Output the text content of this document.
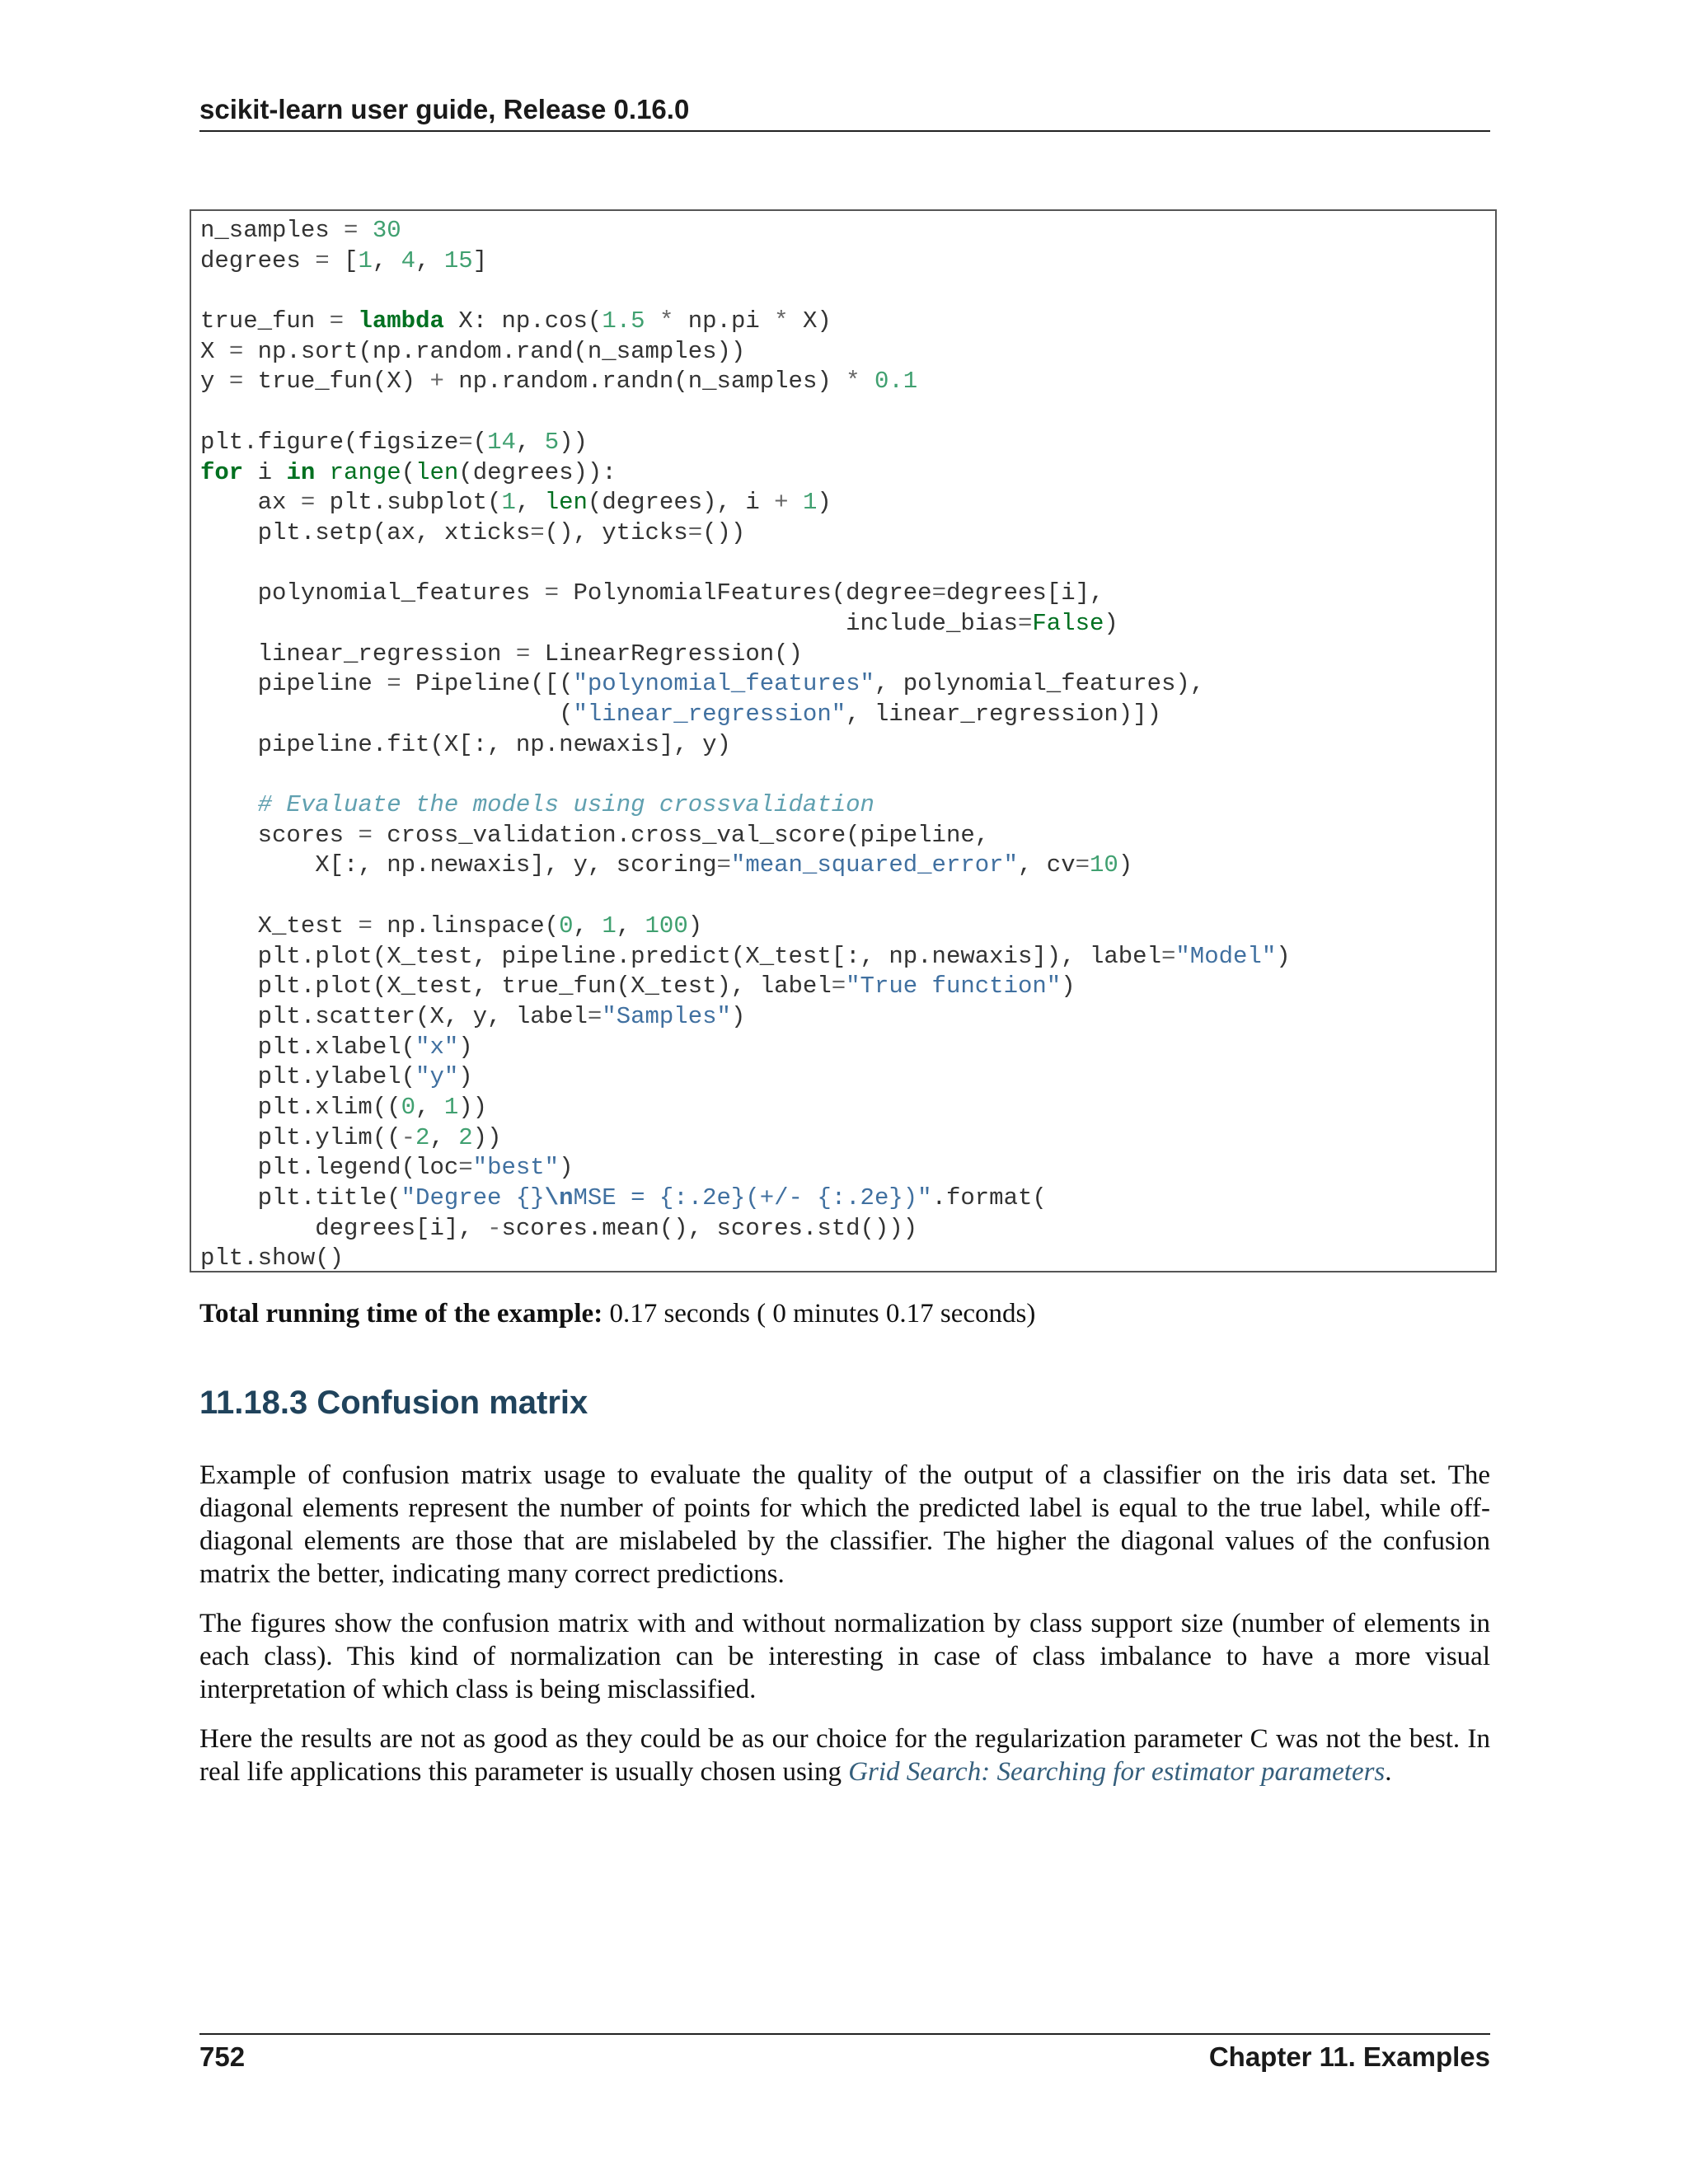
scikit-learn user guide, Release 0.16.0
n_samples = 30
degrees = [1, 4, 15]

true_fun = lambda X: np.cos(1.5 * np.pi * X)
X = np.sort(np.random.rand(n_samples))
y = true_fun(X) + np.random.randn(n_samples) * 0.1

plt.figure(figsize=(14, 5))
for i in range(len(degrees)):
ax = plt.subplot(1, len(degrees), i + 1)
plt.setp(ax, xticks=(), yticks=())

polynomial_features = PolynomialFeatures(degree=degrees[i],
include_bias=False)
linear_regression = LinearRegression()
pipeline = Pipeline([("polynomial_features", polynomial_features),
("linear_regression", linear_regression)])
pipeline.fit(X[:, np.newaxis], y)

# Evaluate the models using crossvalidation
scores = cross_validation.cross_val_score(pipeline,
X[:, np.newaxis], y, scoring="mean_squared_error", cv=10)

X_test = np.linspace(0, 1, 100)
plt.plot(X_test, pipeline.predict(X_test[:, np.newaxis]), label="Model")
plt.plot(X_test, true_fun(X_test), label="True function")
plt.scatter(X, y, label="Samples")
plt.xlabel("x")
plt.ylabel("y")
plt.xlim((0, 1))
plt.ylim((-2, 2))
plt.legend(loc="best")
plt.title("Degree {}\nMSE = {:.2e}(+/- {:.2e})".format(
degrees[i], -scores.mean(), scores.std()))
plt.show()
Total running time of the example: 0.17 seconds ( 0 minutes 0.17 seconds)
11.18.3 Confusion matrix

Example of confusion matrix usage to evaluate the quality of the output of a classifier on the iris data set. The diagonal elements represent the number of points for which the predicted label is equal to the true label, while off-diagonal elements are those that are mislabeled by the classifier. The higher the diagonal values of the confusion matrix the better, indicating many correct predictions.

The figures show the confusion matrix with and without normalization by class support size (number of elements in each class). This kind of normalization can be interesting in case of class imbalance to have a more visual interpretation of which class is being misclassified.

Here the results are not as good as they could be as our choice for the regularization parameter C was not the best. In real life applications this parameter is usually chosen using Grid Search: Searching for estimator parameters.

752	Chapter 11. Examples
